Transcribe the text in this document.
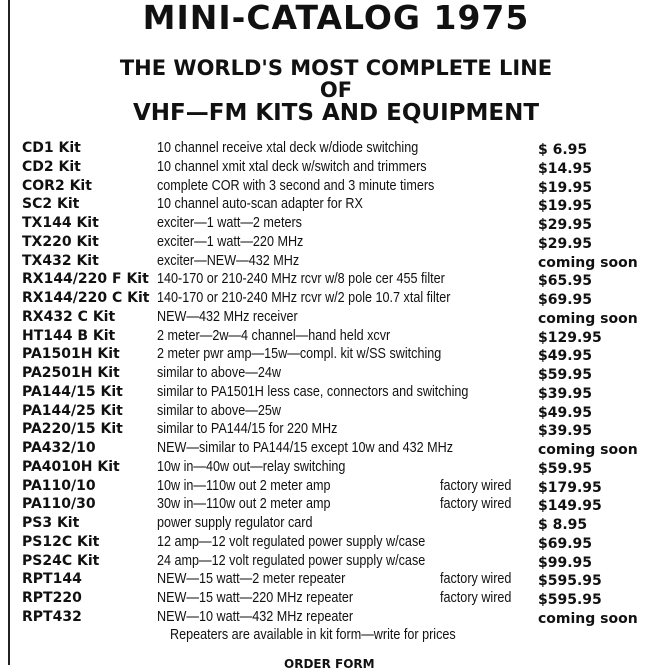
MINI-CATALOG 1975
THE WORLD'S MOST COMPLETE LINE
OF
VHF—FM KITS AND EQUIPMENT
CD1 Kit	10 channel receive xtal deck w/diode switching	$ 6.95
CD2 Kit	10 channel xmit xtal deck w/switch and trimmers	$14.95
COR2 Kit	complete COR with 3 second and 3 minute timers	$19.95
SC2 Kit	10 channel auto-scan adapter for RX	$19.95
TX144 Kit	exciter—1 watt—2 meters	$29.95
TX220 Kit	exciter—1 watt—220 MHz	$29.95
TX432 Kit	exciter—NEW—432 MHz	coming soon
RX144/220 F Kit 140-170 or 210-240 MHz rcvr w/8 pole cer 455 filter	$65.95
RX144/220 C Kit 140-170 or 210-240 MHz rcvr w/2 pole 10.7 xtal filter	$69.95
RX432 C Kit	NEW—432 MHz receiver	coming soon
HT144 B Kit	2 meter—2w—4 channel—hand held xcvr	$129.95
PA1501H Kit 2 meter pwr amp—15w—compl. kit w/SS switching	$49.95
PA2501H Kit similar to above—24w	$59.95
PA144/15 Kit similar to PA1501H less case, connectors and switching	$39.95
PA144/25 Kit similar to above—25w	$49.95
PA220/15 Kit similar to PA144/15 for 220 MHz	$39.95
PA432/10	NEW—similar to PA144/15 except 10w and 432 MHz	coming soon
PA4010H Kit 10w in—40w out—relay switching	$59.95
PA110/10	10w in—110w out 2 meter amp	factory wired $179.95
PA110/30	30w in—110w out 2 meter amp	factory wired $149.95
PS3 Kit	power supply regulator card	$ 8.95
PS12C Kit	12 amp—12 volt regulated power supply w/case	$69.95
PS24C Kit	24 amp—12 volt regulated power supply w/case	$99.95
RPT144	NEW—15 watt—2 meter repeater	factory wired $595.95
RPT220	NEW—15 watt—220 MHz repeater	factory wired $595.95
RPT432	NEW—10 watt—432 MHz repeater	coming soon
Repeaters are available in kit form—write for prices
ORDER FORM
